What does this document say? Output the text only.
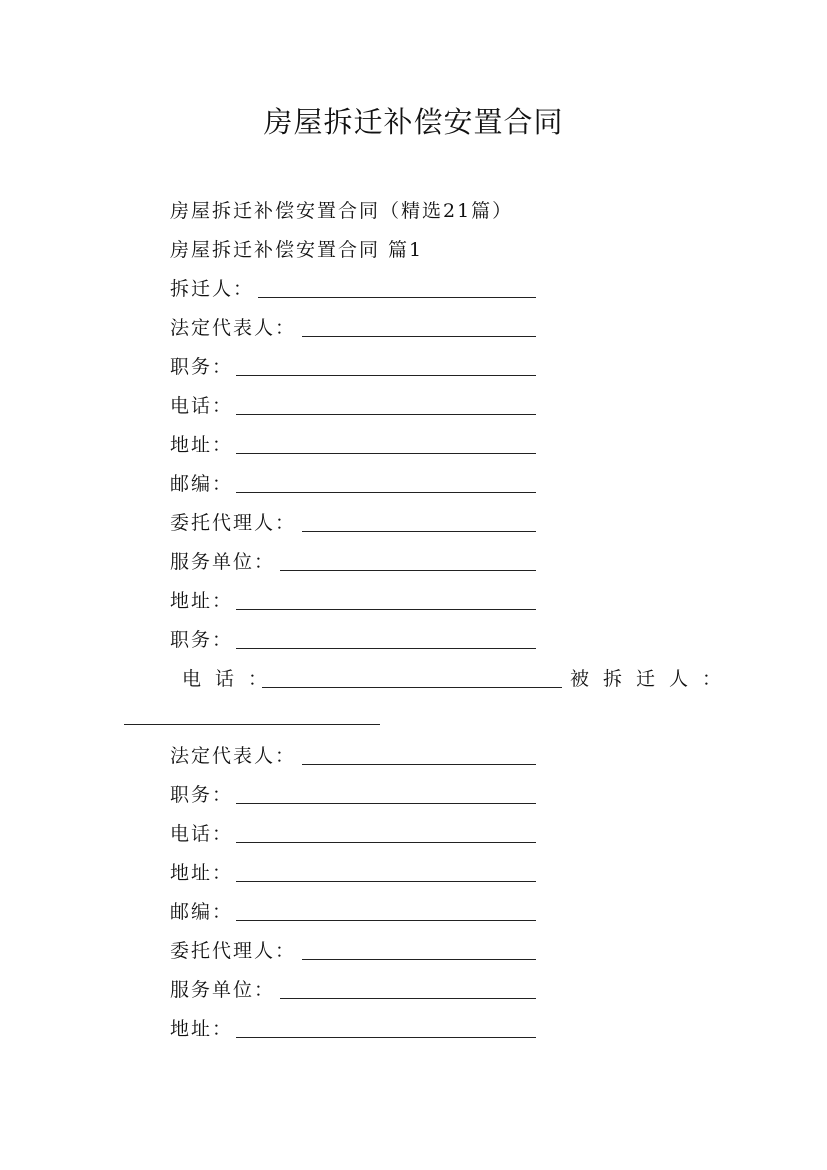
房屋拆迁补偿安置合同
房屋拆迁补偿安置合同（精选21篇）
房屋拆迁补偿安置合同 篇1
拆迁人：
法定代表人：
职务：
电话：
地址：
邮编：
委托代理人：
服务单位：
地址：
职务：
电话：	被拆迁人：
法定代表人：
职务：
电话：
地址：
邮编：
委托代理人：
服务单位：
地址：
